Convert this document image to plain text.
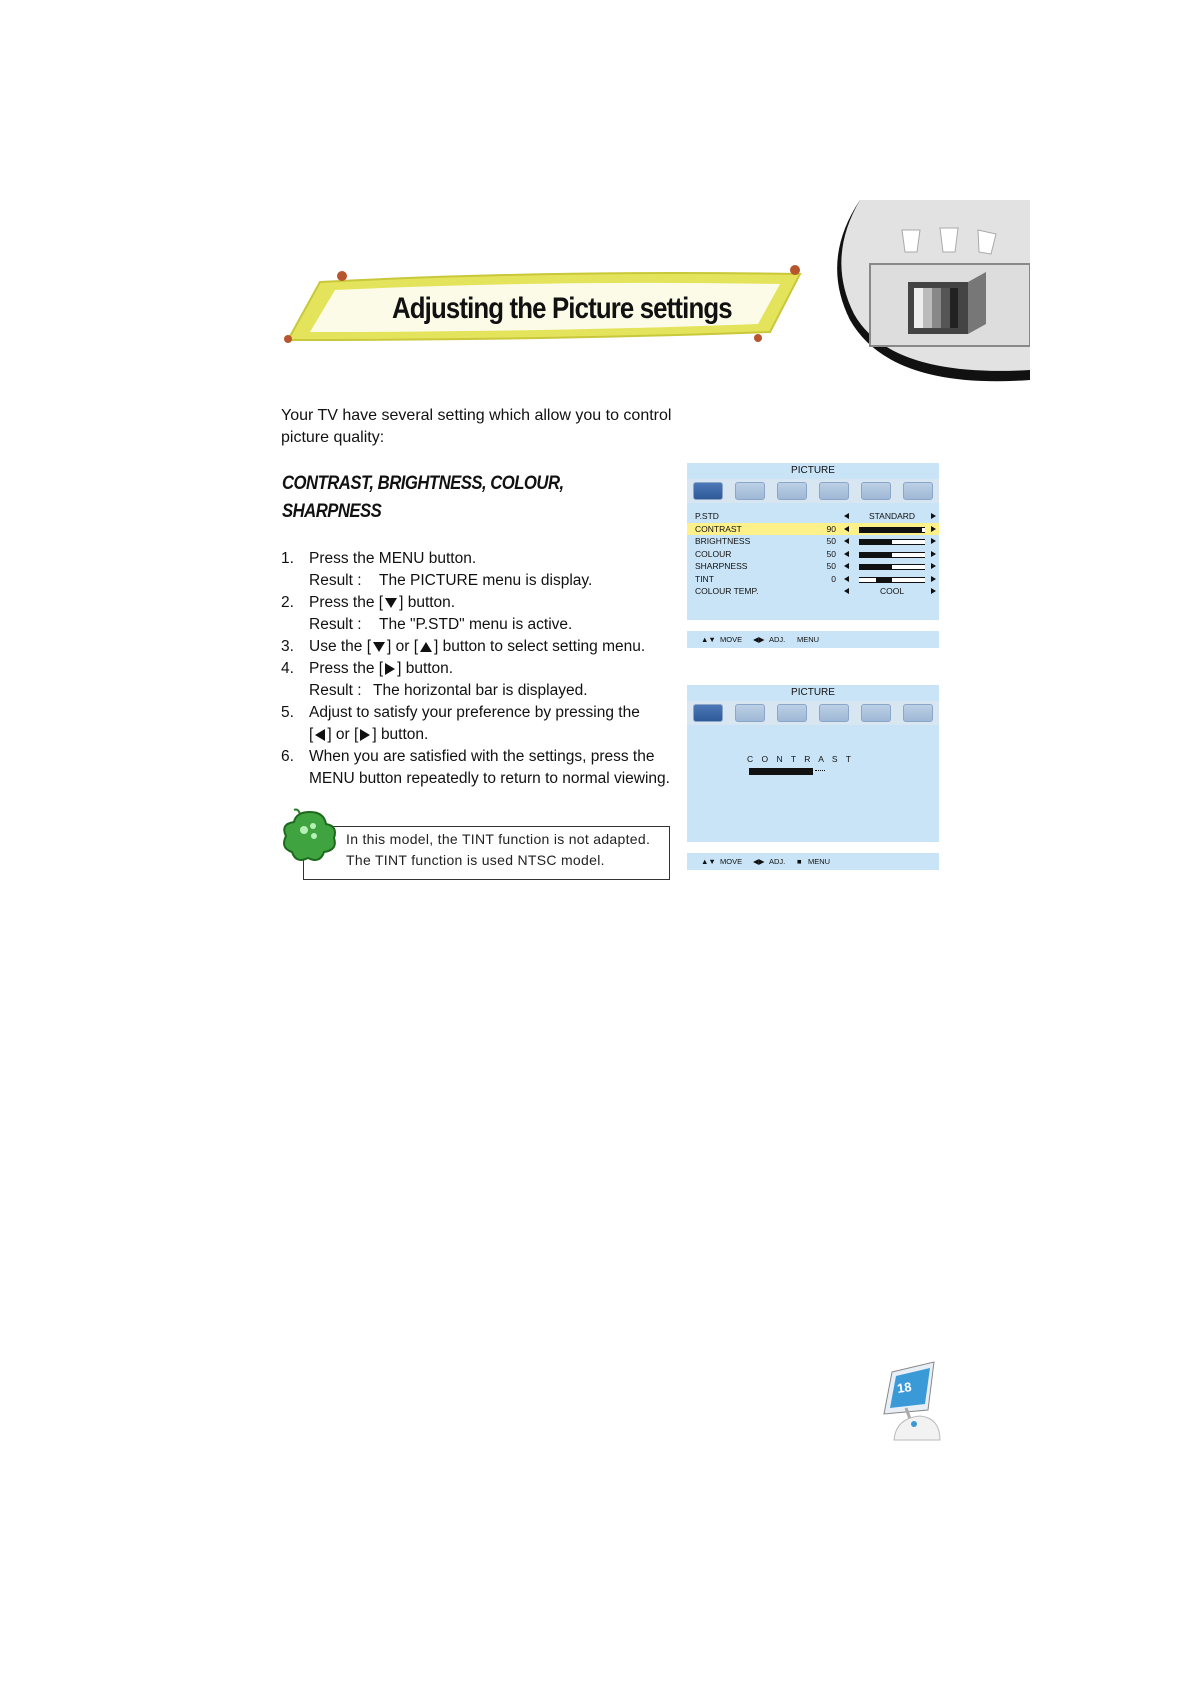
Adjusting the Picture settings
Your TV have several setting which allow you to control
picture quality:
CONTRAST, BRIGHTNESS, COLOUR,
SHARPNESS
1. Press the MENU button.
Result : The PICTURE menu is display.
2. Press the [ ] button.
Result : The "P.STD" menu is active.
3. Use the [ ] or [ ] button to select setting menu.
4. Press the [ ] button.
Result : The horizontal bar is displayed.
5. Adjust to satisfy your preference by pressing the
[ ] or [ ] button.
6. When you are satisfied with the settings, press the
MENU button repeatedly to return to normal viewing.
In this model, the TINT function is not adapted.
The TINT function is used NTSC model.
PICTURE
P.STD	STANDARD
CONTRAST	90
BRIGHTNESS	50
COLOUR	50
SHARPNESS	50
TINT	0
COLOUR TEMP.	COOL
▲▼ MOVE ◀▶ ADJ. MENU
PICTURE
C O N T R A S T
▲▼ MOVE ◀▶ ADJ. ■ MENU
18
